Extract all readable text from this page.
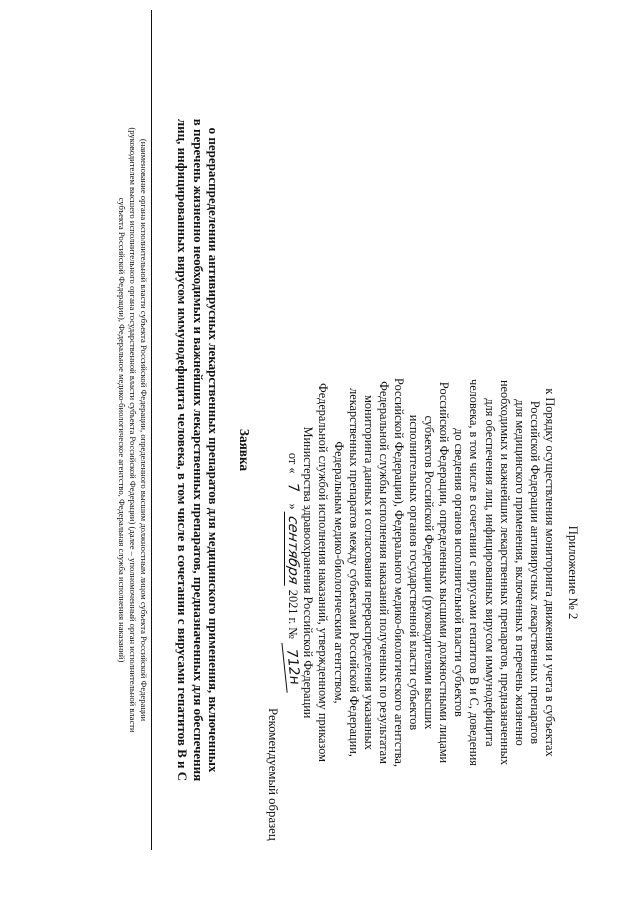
Приложение № 2
к Порядку осуществления мониторинга движения и учета в субъектах
Российской Федерации антивирусных лекарственных препаратов
для медицинского применения, включенных в перечень жизненно
необходимых и важнейших лекарственных препаратов, предназначенных
для обеспечения лиц, инфицированных вирусом иммунодефицита
человека, в том числе в сочетании с вирусами гепатитов B и C, доведения
до сведения органов исполнительной власти субъектов
Российской Федерации, определенных высшими должностными лицами
субъектов Российской Федерации (руководителями высших
исполнительных органов государственной власти субъектов
Российской Федерации), Федерального медико-биологического агентства,
Федеральной службы исполнения наказаний полученных по результатам
мониторинга данных и согласования перераспределения указанных
лекарственных препаратов между субъектами Российской Федерации,
Федеральным медико-биологическим агентством,
Федеральной службой исполнения наказаний, утвержденному приказом
Министерства здравоохранения Российской Федерации
от «7» сентября 2021 г. № 712н
Рекомендуемый образец
Заявка
о перераспределении антивирусных лекарственных препаратов для медицинского применения, включенных
в перечень жизненно необходимых и важнейших лекарственных препаратов, предназначенных для обеспечения
лиц, инфицированных вирусом иммунодефицита человека, в том числе в сочетании с вирусами гепатитов B и C
(наименование органа исполнительной власти субъекта Российской Федерации, определенного высшим должностным лицом субъекта Российской Федерации
(руководителем высшего исполнительного органа государственной власти субъекта Российской Федерации) (далее – уполномоченный орган исполнительной власти
субъекта Российской Федерации), Федеральное медико-биологическое агентство, Федеральная служба исполнения наказаний)
